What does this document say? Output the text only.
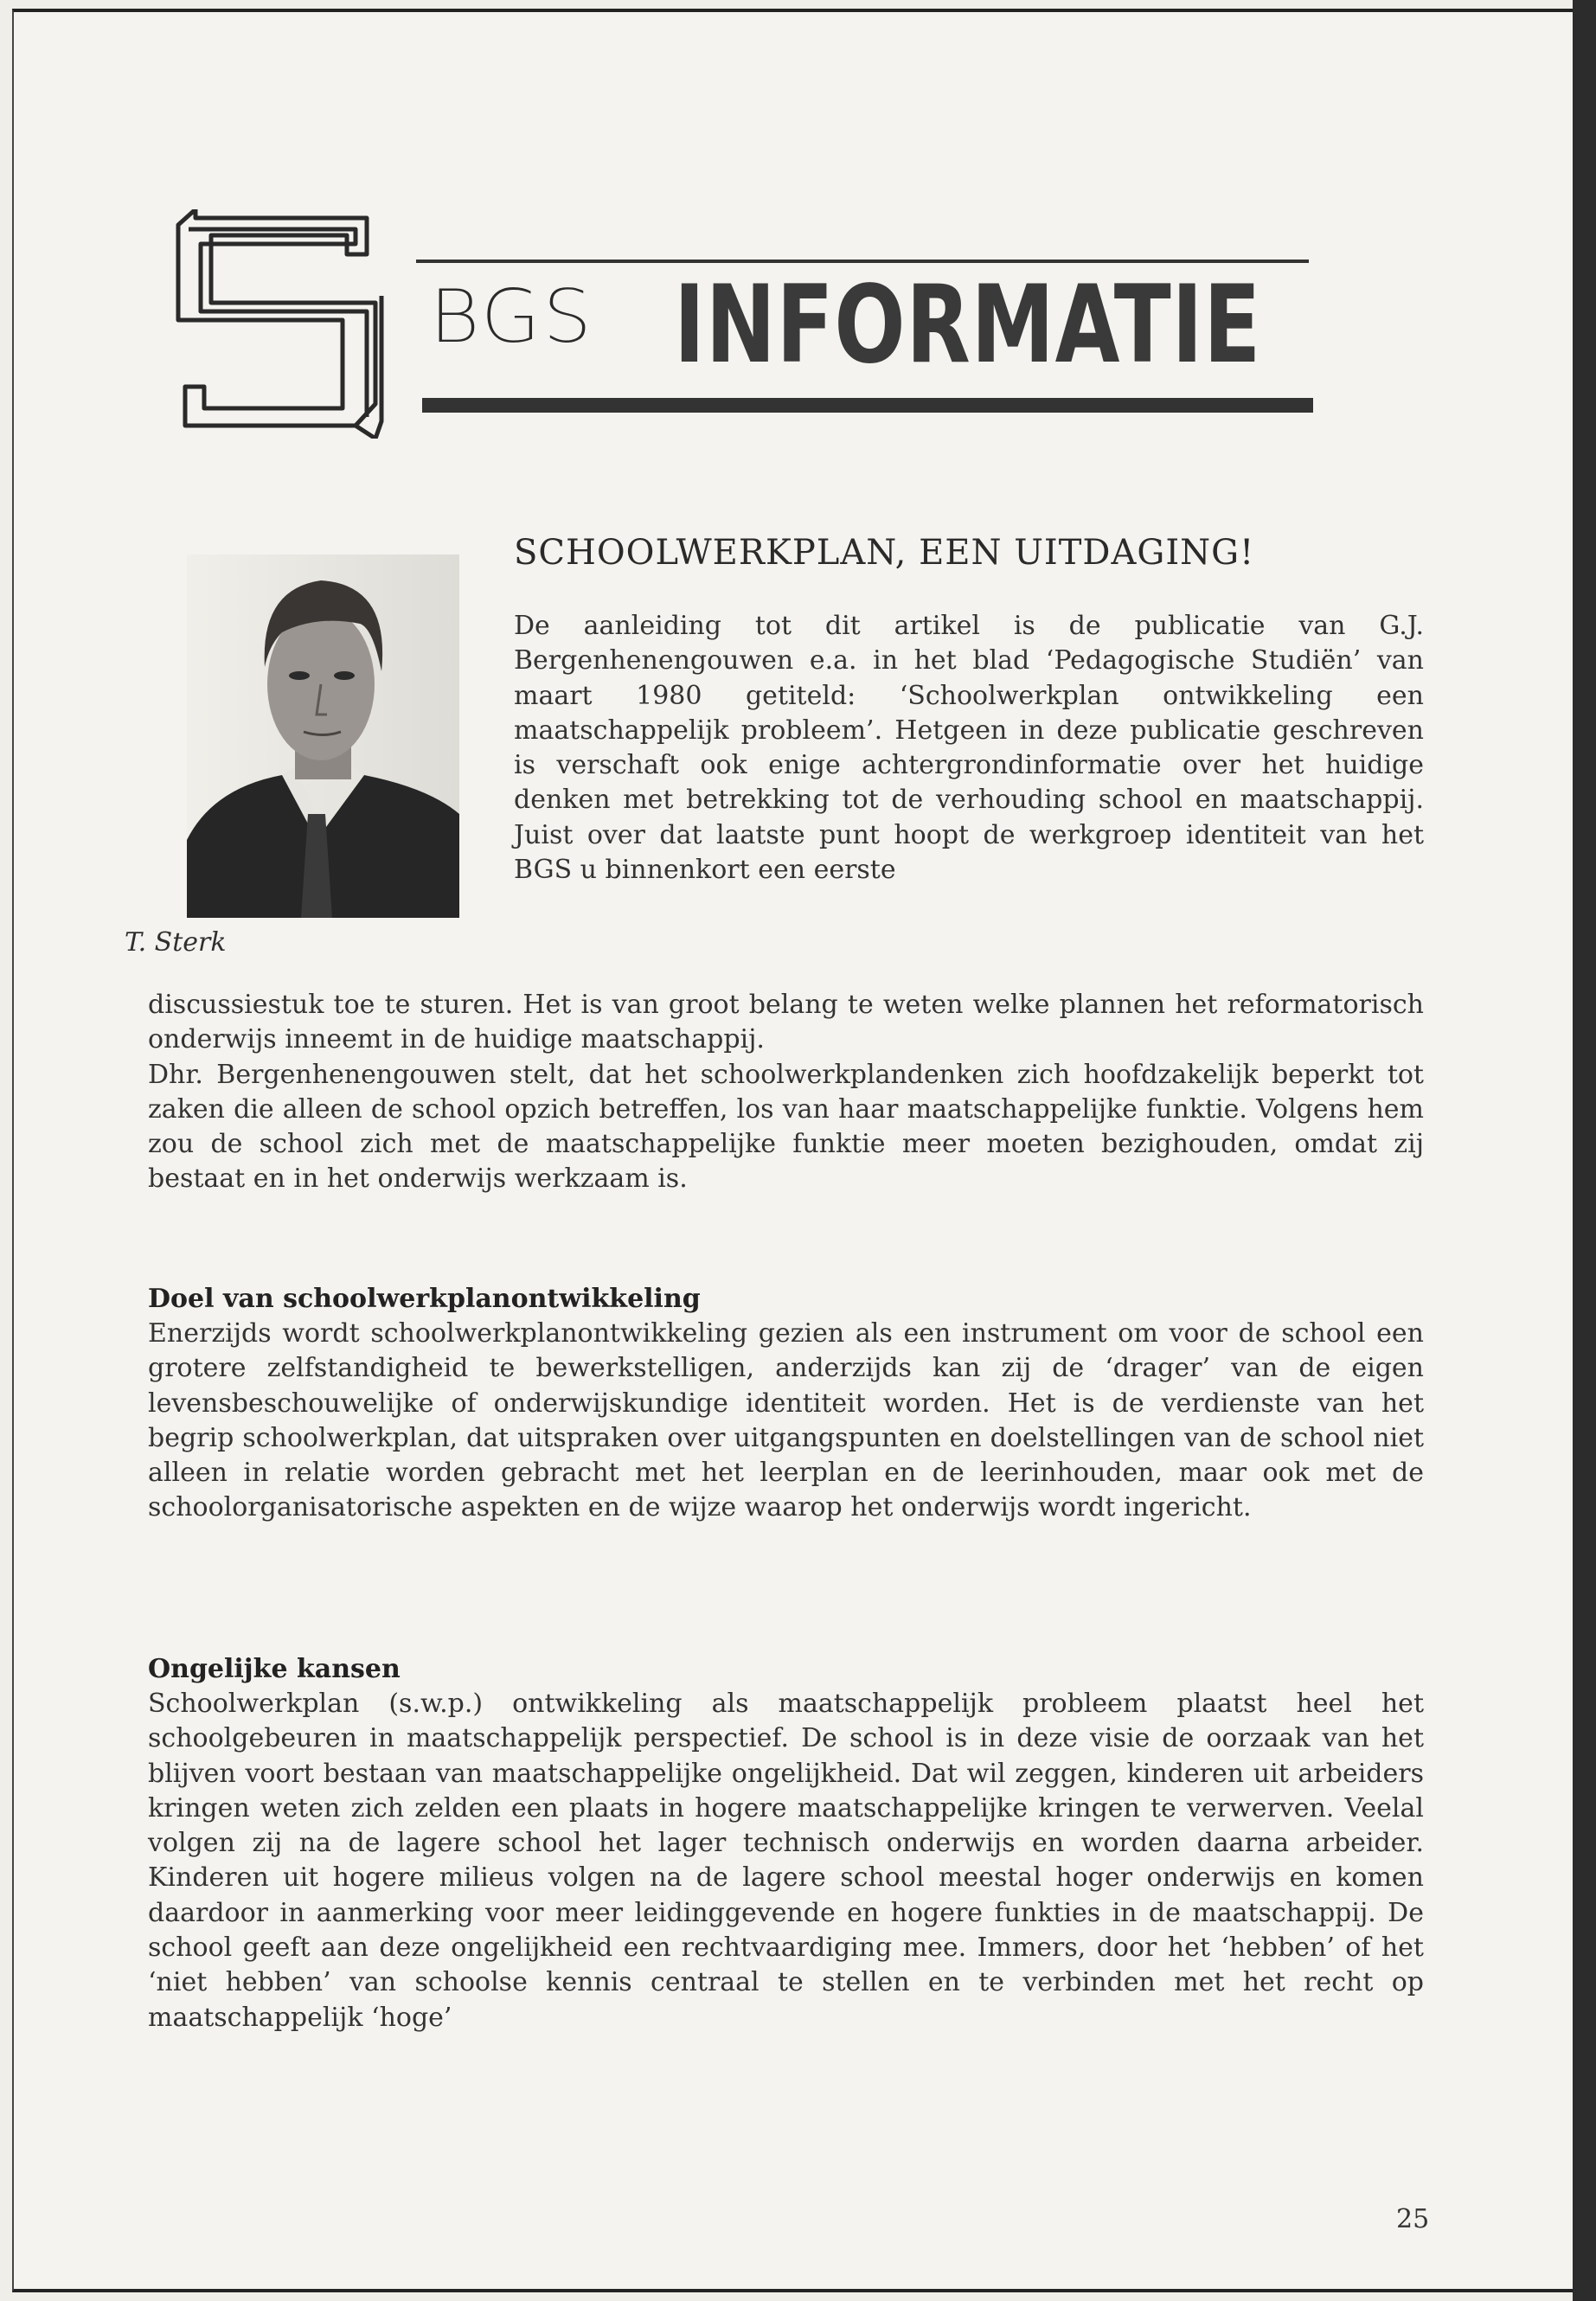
BGS INFORMATIE
T. Sterk
SCHOOLWERKPLAN, EEN UITDAGING!

De aanleiding tot dit artikel is de publicatie van G.J. Bergenhenengouwen e.a. in het blad ‘Pedagogische Studiën’ van maart 1980 getiteld: ‘Schoolwerkplan ontwikkeling een maatschappelijk probleem’. Hetgeen in deze publicatie geschreven is verschaft ook enige achtergrondinformatie over het huidige denken met betrekking tot de verhouding school en maatschappij. Juist over dat laatste punt hoopt de werkgroep identiteit van het BGS u binnenkort een eerste

discussiestuk toe te sturen. Het is van groot belang te weten welke plannen het reformatorisch onderwijs inneemt in de huidige maatschappij.

Dhr. Bergenhenengouwen stelt, dat het schoolwerkplandenken zich hoofdzakelijk beperkt tot zaken die alleen de school opzich betreffen, los van haar maatschappelijke funktie. Volgens hem zou de school zich met de maatschappelijke funktie meer moeten bezighouden, omdat zij bestaat en in het onderwijs werkzaam is.

Doel van schoolwerkplanontwikkeling

Enerzijds wordt schoolwerkplanontwikkeling gezien als een instrument om voor de school een grotere zelfstandigheid te bewerkstelligen, anderzijds kan zij de ‘drager’ van de eigen levensbeschouwelijke of onderwijskundige identiteit worden. Het is de verdienste van het begrip schoolwerkplan, dat uitspraken over uitgangspunten en doelstellingen van de school niet alleen in relatie worden gebracht met het leerplan en de leerinhouden, maar ook met de schoolorganisatorische aspekten en de wijze waarop het onderwijs wordt ingericht.

Ongelijke kansen

Schoolwerkplan (s.w.p.) ontwikkeling als maatschappelijk probleem plaatst heel het schoolgebeuren in maatschappelijk perspectief. De school is in deze visie de oorzaak van het blijven voort bestaan van maatschappelijke ongelijkheid. Dat wil zeggen, kinderen uit arbeiders kringen weten zich zelden een plaats in hogere maatschappelijke kringen te verwerven. Veelal volgen zij na de lagere school het lager technisch onderwijs en worden daarna arbeider. Kinderen uit hogere milieus volgen na de lagere school meestal hoger onderwijs en komen daardoor in aanmerking voor meer leidinggevende en hogere funkties in de maatschappij. De school geeft aan deze ongelijkheid een rechtvaardiging mee. Immers, door het ‘hebben’ of het ‘niet hebben’ van schoolse kennis centraal te stellen en te verbinden met het recht op maatschappelijk ‘hoge’

25
